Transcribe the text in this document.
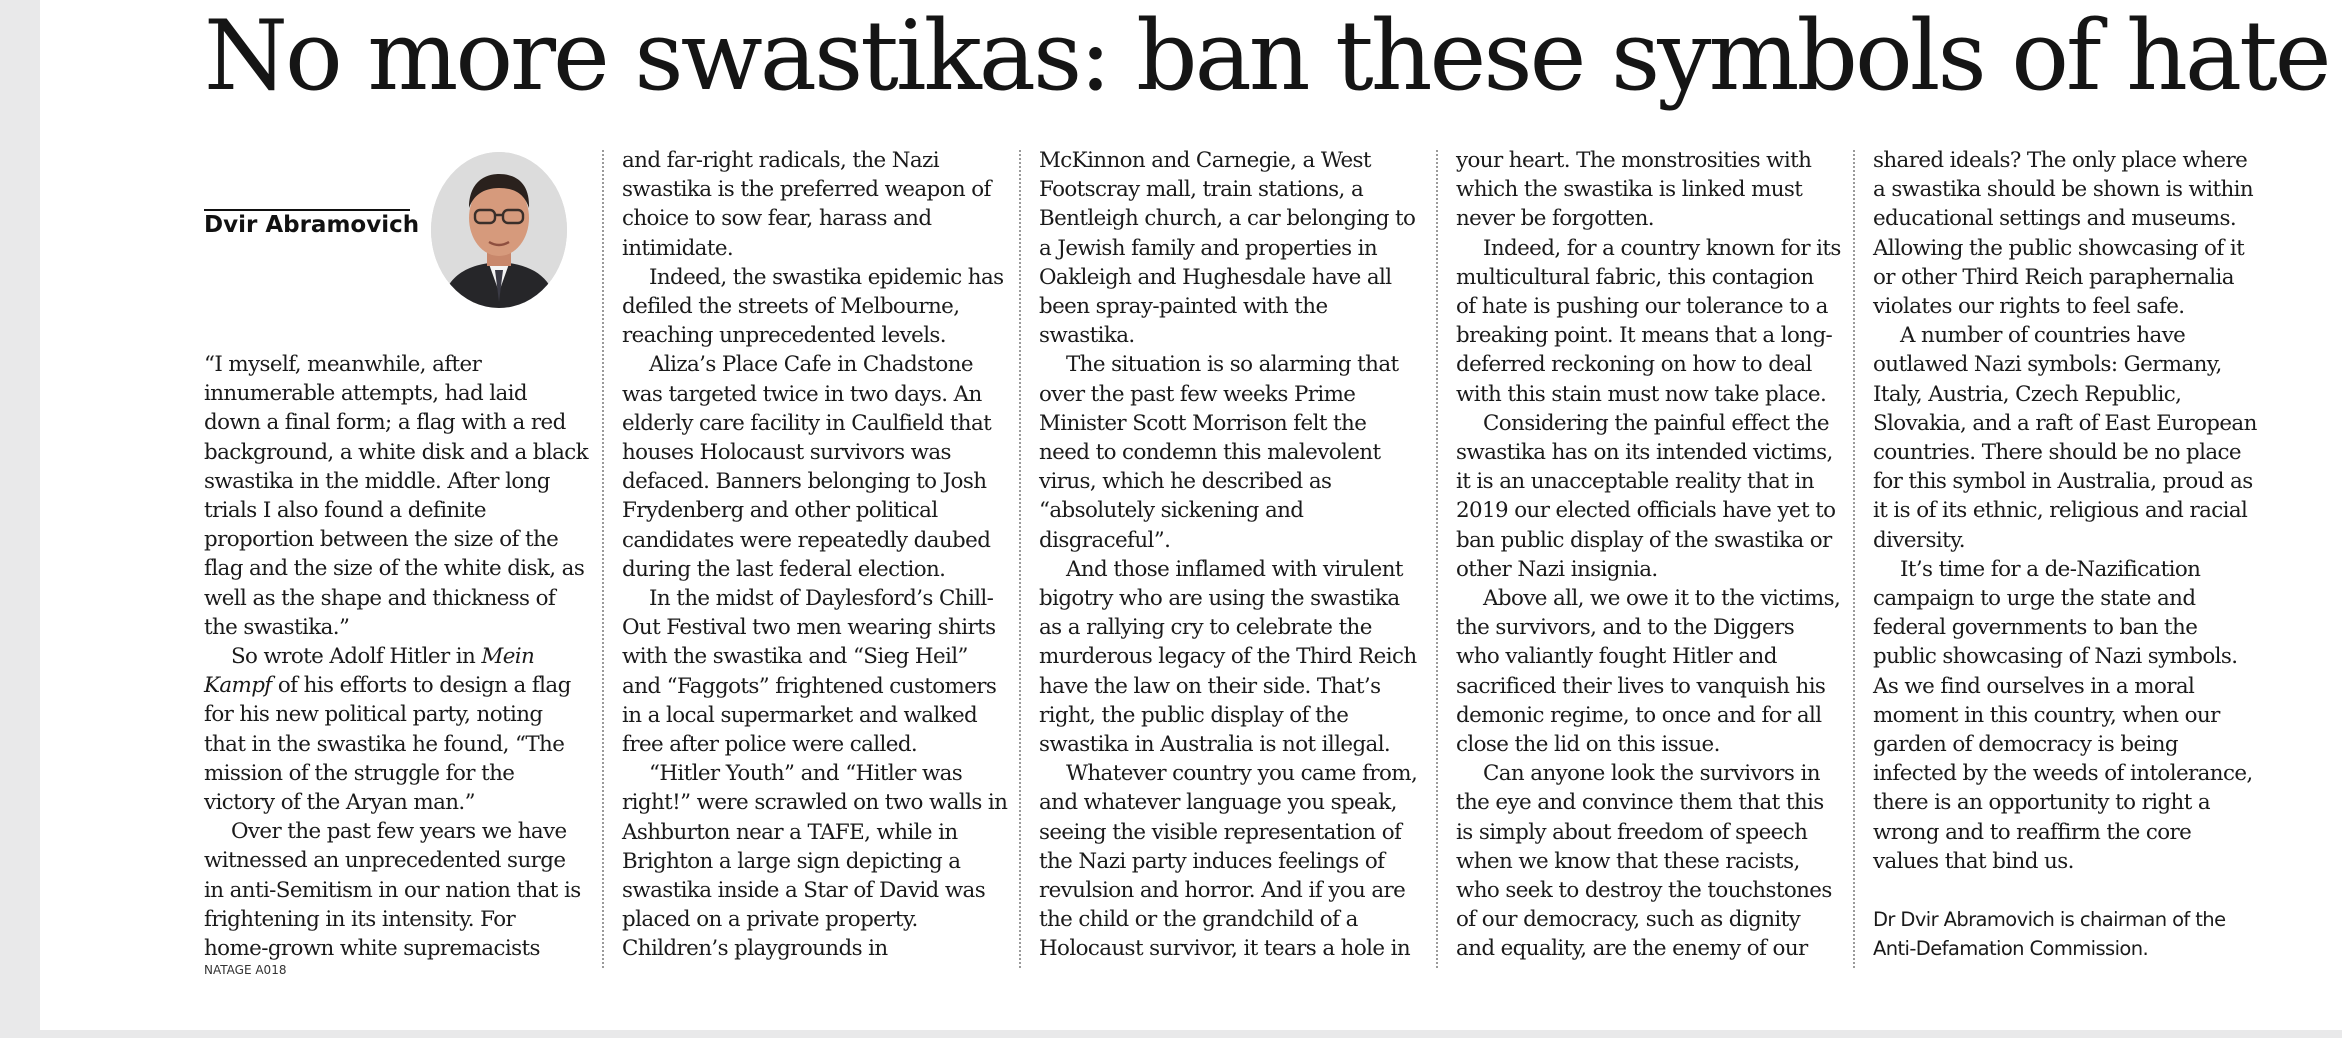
No more swastikas: ban these symbols of hate
Dvir Abramovich

“I myself, meanwhile, after
innumerable attempts, had laid
down a final form; a flag with a red
background, a white disk and a black
swastika in the middle. After long
trials I also found a definite
proportion between the size of the
flag and the size of the white disk, as
well as the shape and thickness of
the swastika.”

So wrote Adolf Hitler in Mein
Kampf of his efforts to design a flag
for his new political party, noting
that in the swastika he found, “The
mission of the struggle for the
victory of the Aryan man.”

Over the past few years we have
witnessed an unprecedented surge
in anti-Semitism in our nation that is
frightening in its intensity. For
home-grown white supremacists

NATAGE A018

and far-right radicals, the Nazi
swastika is the preferred weapon of
choice to sow fear, harass and
intimidate.

Indeed, the swastika epidemic has
defiled the streets of Melbourne,
reaching unprecedented levels.

Aliza’s Place Cafe in Chadstone
was targeted twice in two days. An
elderly care facility in Caulfield that
houses Holocaust survivors was
defaced. Banners belonging to Josh
Frydenberg and other political
candidates were repeatedly daubed
during the last federal election.

In the midst of Daylesford’s Chill-
Out Festival two men wearing shirts
with the swastika and “Sieg Heil”
and “Faggots” frightened customers
in a local supermarket and walked
free after police were called.

“Hitler Youth” and “Hitler was
right!” were scrawled on two walls in
Ashburton near a TAFE, while in
Brighton a large sign depicting a
swastika inside a Star of David was
placed on a private property.
Children’s playgrounds in

McKinnon and Carnegie, a West
Footscray mall, train stations, a
Bentleigh church, a car belonging to
a Jewish family and properties in
Oakleigh and Hughesdale have all
been spray-painted with the
swastika.

The situation is so alarming that
over the past few weeks Prime
Minister Scott Morrison felt the
need to condemn this malevolent
virus, which he described as
“absolutely sickening and
disgraceful”.

And those inflamed with virulent
bigotry who are using the swastika
as a rallying cry to celebrate the
murderous legacy of the Third Reich
have the law on their side. That’s
right, the public display of the
swastika in Australia is not illegal.

Whatever country you came from,
and whatever language you speak,
seeing the visible representation of
the Nazi party induces feelings of
revulsion and horror. And if you are
the child or the grandchild of a
Holocaust survivor, it tears a hole in

your heart. The monstrosities with
which the swastika is linked must
never be forgotten.

Indeed, for a country known for its
multicultural fabric, this contagion
of hate is pushing our tolerance to a
breaking point. It means that a long-
deferred reckoning on how to deal
with this stain must now take place.

Considering the painful effect the
swastika has on its intended victims,
it is an unacceptable reality that in
2019 our elected officials have yet to
ban public display of the swastika or
other Nazi insignia.

Above all, we owe it to the victims,
the survivors, and to the Diggers
who valiantly fought Hitler and
sacrificed their lives to vanquish his
demonic regime, to once and for all
close the lid on this issue.

Can anyone look the survivors in
the eye and convince them that this
is simply about freedom of speech
when we know that these racists,
who seek to destroy the touchstones
of our democracy, such as dignity
and equality, are the enemy of our

shared ideals? The only place where
a swastika should be shown is within
educational settings and museums.
Allowing the public showcasing of it
or other Third Reich paraphernalia
violates our rights to feel safe.

A number of countries have
outlawed Nazi symbols: Germany,
Italy, Austria, Czech Republic,
Slovakia, and a raft of East European
countries. There should be no place
for this symbol in Australia, proud as
it is of its ethnic, religious and racial
diversity.

It’s time for a de-Nazification
campaign to urge the state and
federal governments to ban the
public showcasing of Nazi symbols.
As we find ourselves in a moral
moment in this country, when our
garden of democracy is being
infected by the weeds of intolerance,
there is an opportunity to right a
wrong and to reaffirm the core
values that bind us.

Dr Dvir Abramovich is chairman of the
Anti-Defamation Commission.
